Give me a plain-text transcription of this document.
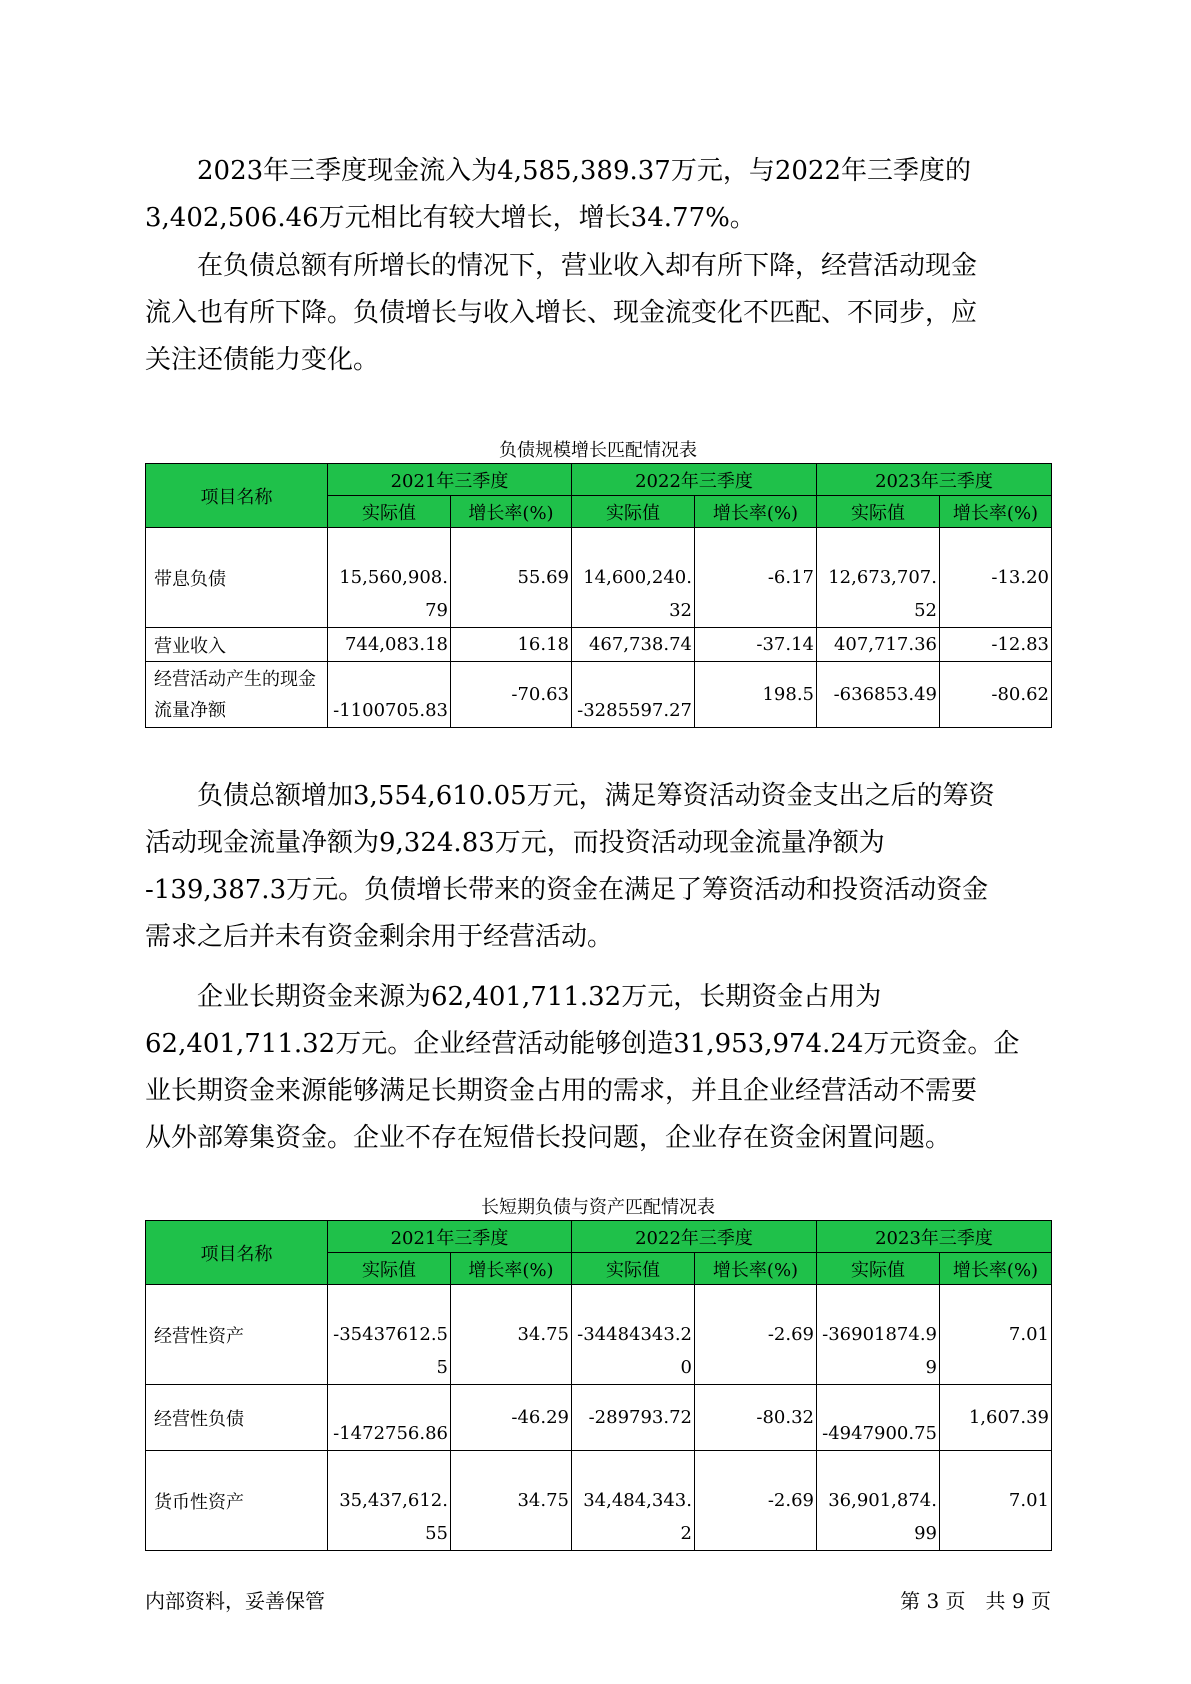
2023年三季度现金流入为4,585,389.37万元，与2022年三季度的
3,402,506.46万元相比有较大增长，增长34.77%。

在负债总额有所增长的情况下，营业收入却有所下降，经营活动现金
流入也有所下降。负债增长与收入增长、现金流变化不匹配、不同步，应
关注还债能力变化。

负债规模增长匹配情况表
项目名称	2021年三季度		2022年三季度		2023年三季度	
	实际值	增长率(%)	实际值	增长率(%)	实际值	增长率(%)
带息负债	15,560,908.79	55.69	14,600,240.32	-6.17	12,673,707.52	-13.20
营业收入	744,083.18	16.18	467,738.74	-37.14	407,717.36	-12.83
经营活动产生的现金流量净额	-1100705.83	-70.63	-3285597.27	198.5	-636853.49	-80.62

负债总额增加3,554,610.05万元，满足筹资活动资金支出之后的筹资
活动现金流量净额为9,324.83万元，而投资活动现金流量净额为
-139,387.3万元。负债增长带来的资金在满足了筹资活动和投资活动资金
需求之后并未有资金剩余用于经营活动。

企业长期资金来源为62,401,711.32万元，长期资金占用为
62,401,711.32万元。企业经营活动能够创造31,953,974.24万元资金。企
业长期资金来源能够满足长期资金占用的需求，并且企业经营活动不需要
从外部筹集资金。企业不存在短借长投问题，企业存在资金闲置问题。

长短期负债与资产匹配情况表
项目名称	2021年三季度		2022年三季度		2023年三季度	
	实际值	增长率(%)	实际值	增长率(%)	实际值	增长率(%)
经营性资产	-35437612.55	34.75	-34484343.20	-2.69	-36901874.99	7.01
经营性负债	-1472756.86	-46.29	-289793.72	-80.32	-4947900.75	1,607.39
货币性资产	35,437,612.55	34.75	34,484,343.2	-2.69	36,901,874.99	7.01
内部资料，妥善保管	第 3 页　共 9 页
